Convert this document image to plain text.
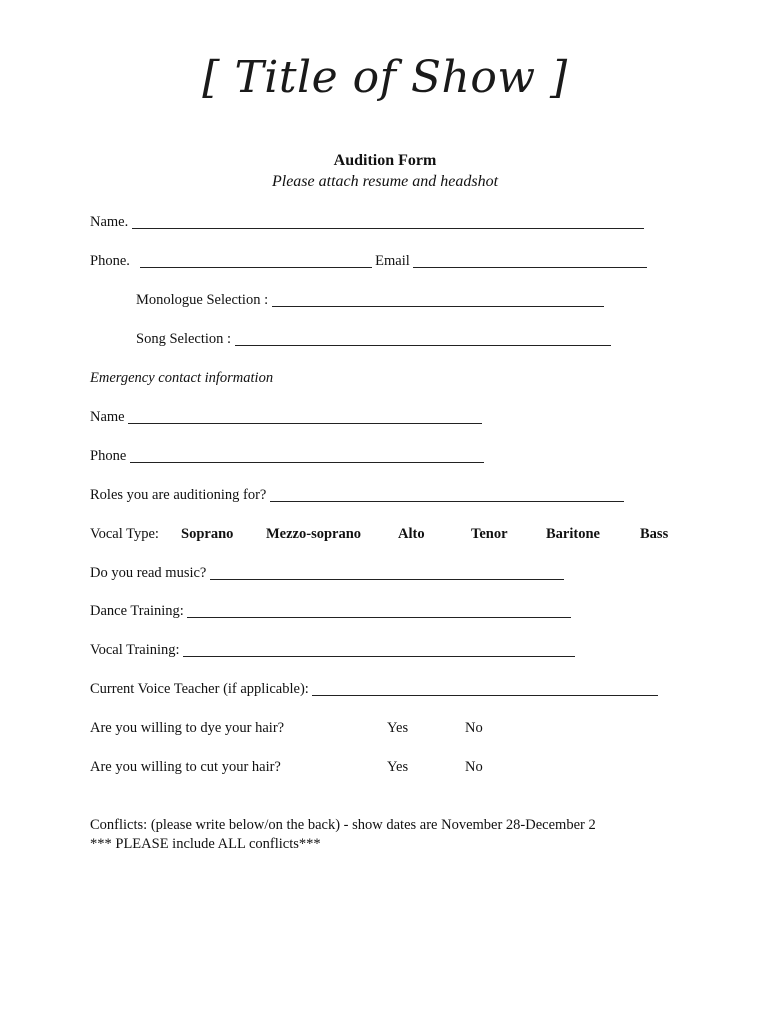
[ Title of Show ]
Audition Form
Please attach resume and headshot
Name.
Phone.	Email
Monologue Selection :
Song Selection :
Emergency contact information
Name
Phone
Roles you are auditioning for?
Vocal Type: Soprano Mezzo-soprano	Alto	Tenor	Baritone	Bass
Do you read music?
Dance Training:
Vocal Training:
Current Voice Teacher (if applicable):
Are you willing to dye your hair?	Yes	No
Are you willing to cut your hair?	Yes	No
Conflicts: (please write below/on the back) - show dates are November 28-December 2
*** PLEASE include ALL conflicts***
